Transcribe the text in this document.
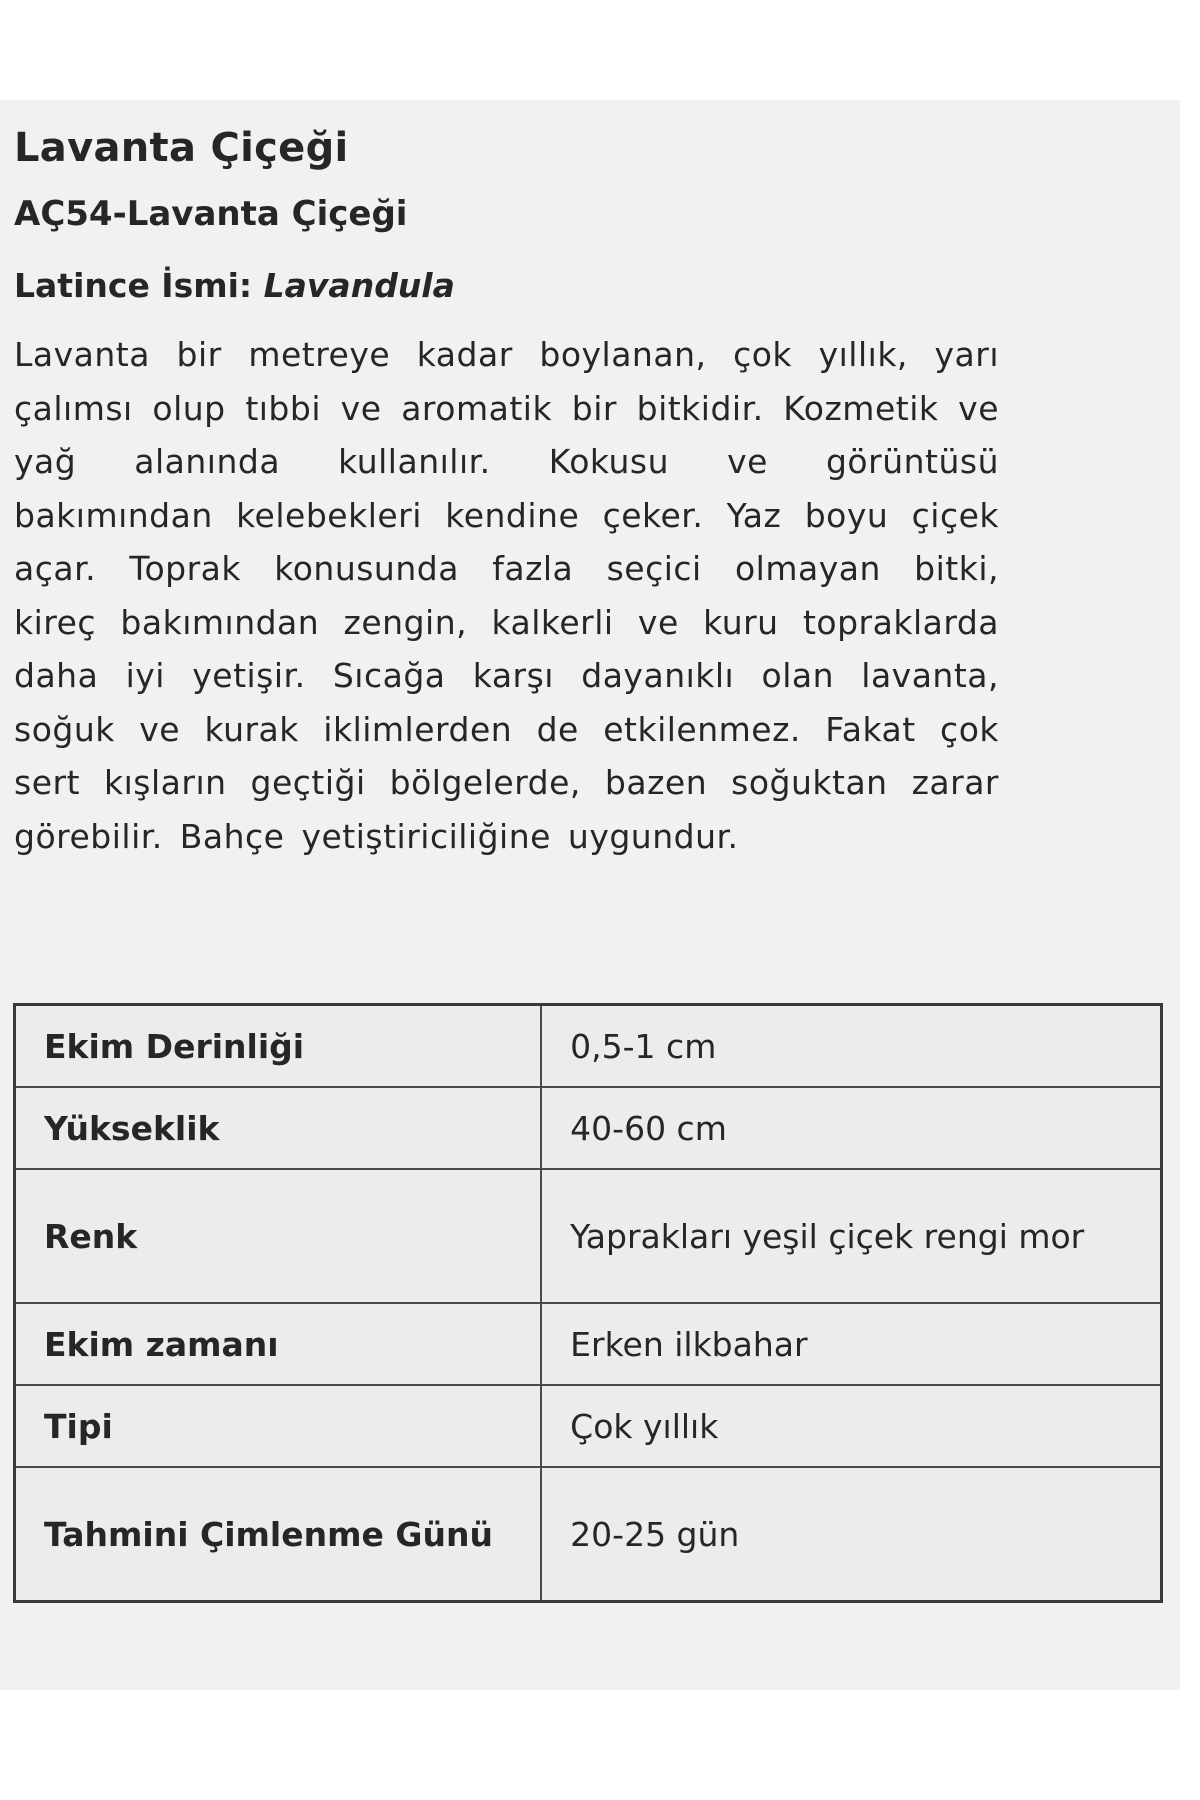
Lavanta Çiçeği
AÇ54-Lavanta Çiçeği
Latince İsmi: Lavandula

Lavanta bir metreye kadar boylanan, çok yıllık, yarı çalımsı olup tıbbi ve aromatik bir bitkidir. Kozmetik ve yağ alanında kullanılır. Kokusu ve görüntüsü bakımından kelebekleri kendine çeker. Yaz boyu çiçek açar. Toprak konusunda fazla seçici olmayan bitki, kireç bakımından zengin, kalkerli ve kuru topraklarda daha iyi yetişir. Sıcağa karşı dayanıklı olan lavanta, soğuk ve kurak iklimlerden de etkilenmez. Fakat çok sert kışların geçtiği bölgelerde, bazen soğuktan zarar görebilir. Bahçe yetiştiriciliğine uygundur.

Ekim Derinliği	0,5-1 cm
Yükseklik	40-60 cm
Renk	Yaprakları yeşil çiçek rengi mor
Ekim zamanı	Erken ilkbahar
Tipi	Çok yıllık
Tahmini Çimlenme Günü	20-25 gün
